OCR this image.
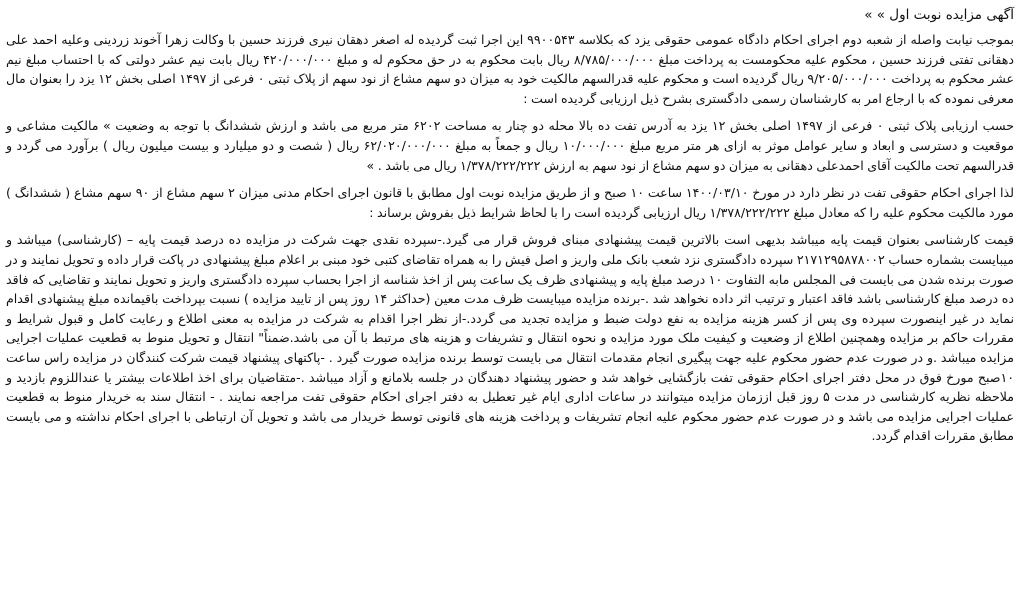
آگهی مزایده نوبت اول » »

بموجب نیابت واصله از شعبه دوم اجرای احکام دادگاه عمومی حقوقی یزد که بکلاسه ۹۹۰۰۵۴۳ این اجرا ثبت گردیده له اصغر دهقان نیری فرزند حسین با وکالت زهرا آخوند زردینی وعلیه احمد علی دهقانی تفتی فرزند حسین ، محکوم علیه محکومست به پرداخت مبلغ ۸/۷۸۵/۰۰۰/۰۰۰ ریال بابت محکوم به در حق محکوم له و مبلغ ۴۲۰/۰۰۰/۰۰۰ ریال بابت نیم عشر دولتی که با احتساب مبلغ نیم عشر محکوم به پرداخت ۹/۲۰۵/۰۰۰/۰۰۰ ریال گردیده است و محکوم علیه قدرالسهم مالکیت خود به میزان دو سهم مشاع از نود سهم از پلاک ثبتی ۰ فرعی از ۱۴۹۷ اصلی بخش ۱۲ یزد را بعنوان مال معرفی نموده که با ارجاع امر به کارشناسان رسمی دادگستری بشرح ذیل ارزیابی گردیده است :

حسب ارزیابی پلاک ثبتی ۰ فرعی از ۱۴۹۷ اصلی بخش ۱۲ یزد به آدرس تفت ده بالا محله دو چنار به مساحت ۶۲۰۲ متر مربع می باشد و ارزش ششدانگ با توجه به وضعیت » مالکیت مشاعی و موقعیت و دسترسی و ابعاد و سایر عوامل موثر به ازای هر متر مربع مبلغ ۱۰/۰۰۰/۰۰۰ ریال و جمعاً به مبلغ ۶۲/۰۲۰/۰۰۰/۰۰۰ ریال ( شصت و دو میلیارد و بیست میلیون ریال ) برآورد می گردد و قدرالسهم تحت مالکیت آقای احمدعلی دهقانی به میزان دو سهم مشاع از نود سهم به ارزش ۱/۳۷۸/۲۲۲/۲۲۲ ریال می باشد . »

لذا اجرای احکام حقوقی تفت در نظر دارد در مورخ ۱۴۰۰/۰۳/۱۰ ساعت ۱۰ صبح و از طریق مزایده نوبت اول مطابق با قانون اجرای احکام مدنی میزان ۲ سهم مشاع از ۹۰ سهم مشاع ( ششدانگ ) مورد مالکیت محکوم علیه را که معادل مبلغ ۱/۳۷۸/۲۲۲/۲۲۲ ریال ارزیابی گردیده است را با لحاظ شرایط ذیل بفروش برساند :

قیمت کارشناسی بعنوان قیمت پایه میباشد بدیهی است بالاترین قیمت پیشنهادی مبنای فروش قرار می گیرد.-سپرده نقدی جهت شرکت در مزایده ده درصد قیمت پایه – (کارشناسی) میباشد و میبایست بشماره حساب ۲۱۷۱۲۹۵۸۷۸۰۰۲ سپرده دادگستری نزد شعب بانک ملی واریز و اصل فیش را به همراه تقاضای کتبی خود مبنی بر اعلام مبلغ پیشنهادی در پاکت قرار داده و تحویل نمایند و در صورت برنده شدن می بایست فی المجلس مابه التفاوت ۱۰ درصد مبلغ پایه و پیشنهادی ظرف یک ساعت پس از اخذ شناسه از اجرا بحساب سپرده دادگستری واریز و تحویل نمایند و تقاضایی که فاقد ده درصد مبلغ کارشناسی باشد فاقد اعتبار و ترتیب اثر داده نخواهد شد .-برنده مزایده میبایست ظرف مدت معین (حداکثر ۱۴ روز پس از تایید مزایده ) نسبت بپرداخت باقیمانده مبلغ پیشنهادی اقدام نماید در غیر اینصورت سپرده وی پس از کسر هزینه مزایده به نفع دولت ضبط و مزایده تجدید می گردد.-از نظر اجرا اقدام به شرکت در مزایده به معنی اطلاع و رعایت کامل و قبول شرایط و مقررات حاکم بر مزایده وهمچنین اطلاع از وضعیت و کیفیت ملک مورد مزایده و نحوه انتقال و تشریفات و هزینه های مرتبط با آن می باشد.ضمناً" انتقال و تحویل منوط به قطعیت عملیات اجرایی مزایده میباشد .و در صورت عدم حضور محکوم علیه جهت پیگیری انجام مقدمات انتقال می بایست توسط برنده مزایده صورت گیرد . -پاکتهای پیشنهاد قیمت شرکت کنندگان در مزایده راس ساعت ۱۰صبح مورخ فوق در محل دفتر اجرای احکام حقوقی تفت بازگشایی خواهد شد و حضور پیشنهاد دهندگان در جلسه بلامانع و آزاد میباشد .-متقاضیان برای اخذ اطلاعات بیشتر یا عنداللزوم بازدید و ملاحظه نظریه کارشناسی در مدت ۵ روز قبل اززمان مزایده میتوانند در ساعات اداری ایام غیر تعطیل به دفتر اجرای احکام حقوقی تفت مراجعه نمایند . - انتقال سند به خریدار منوط به قطعیت عملیات اجرایی مزایده می باشد و در صورت عدم حضور محکوم علیه انجام تشریفات و پرداخت هزینه های قانونی توسط خریدار می باشد و تحویل آن ارتباطی با اجرای احکام نداشته و می بایست مطابق مقررات اقدام گردد.
